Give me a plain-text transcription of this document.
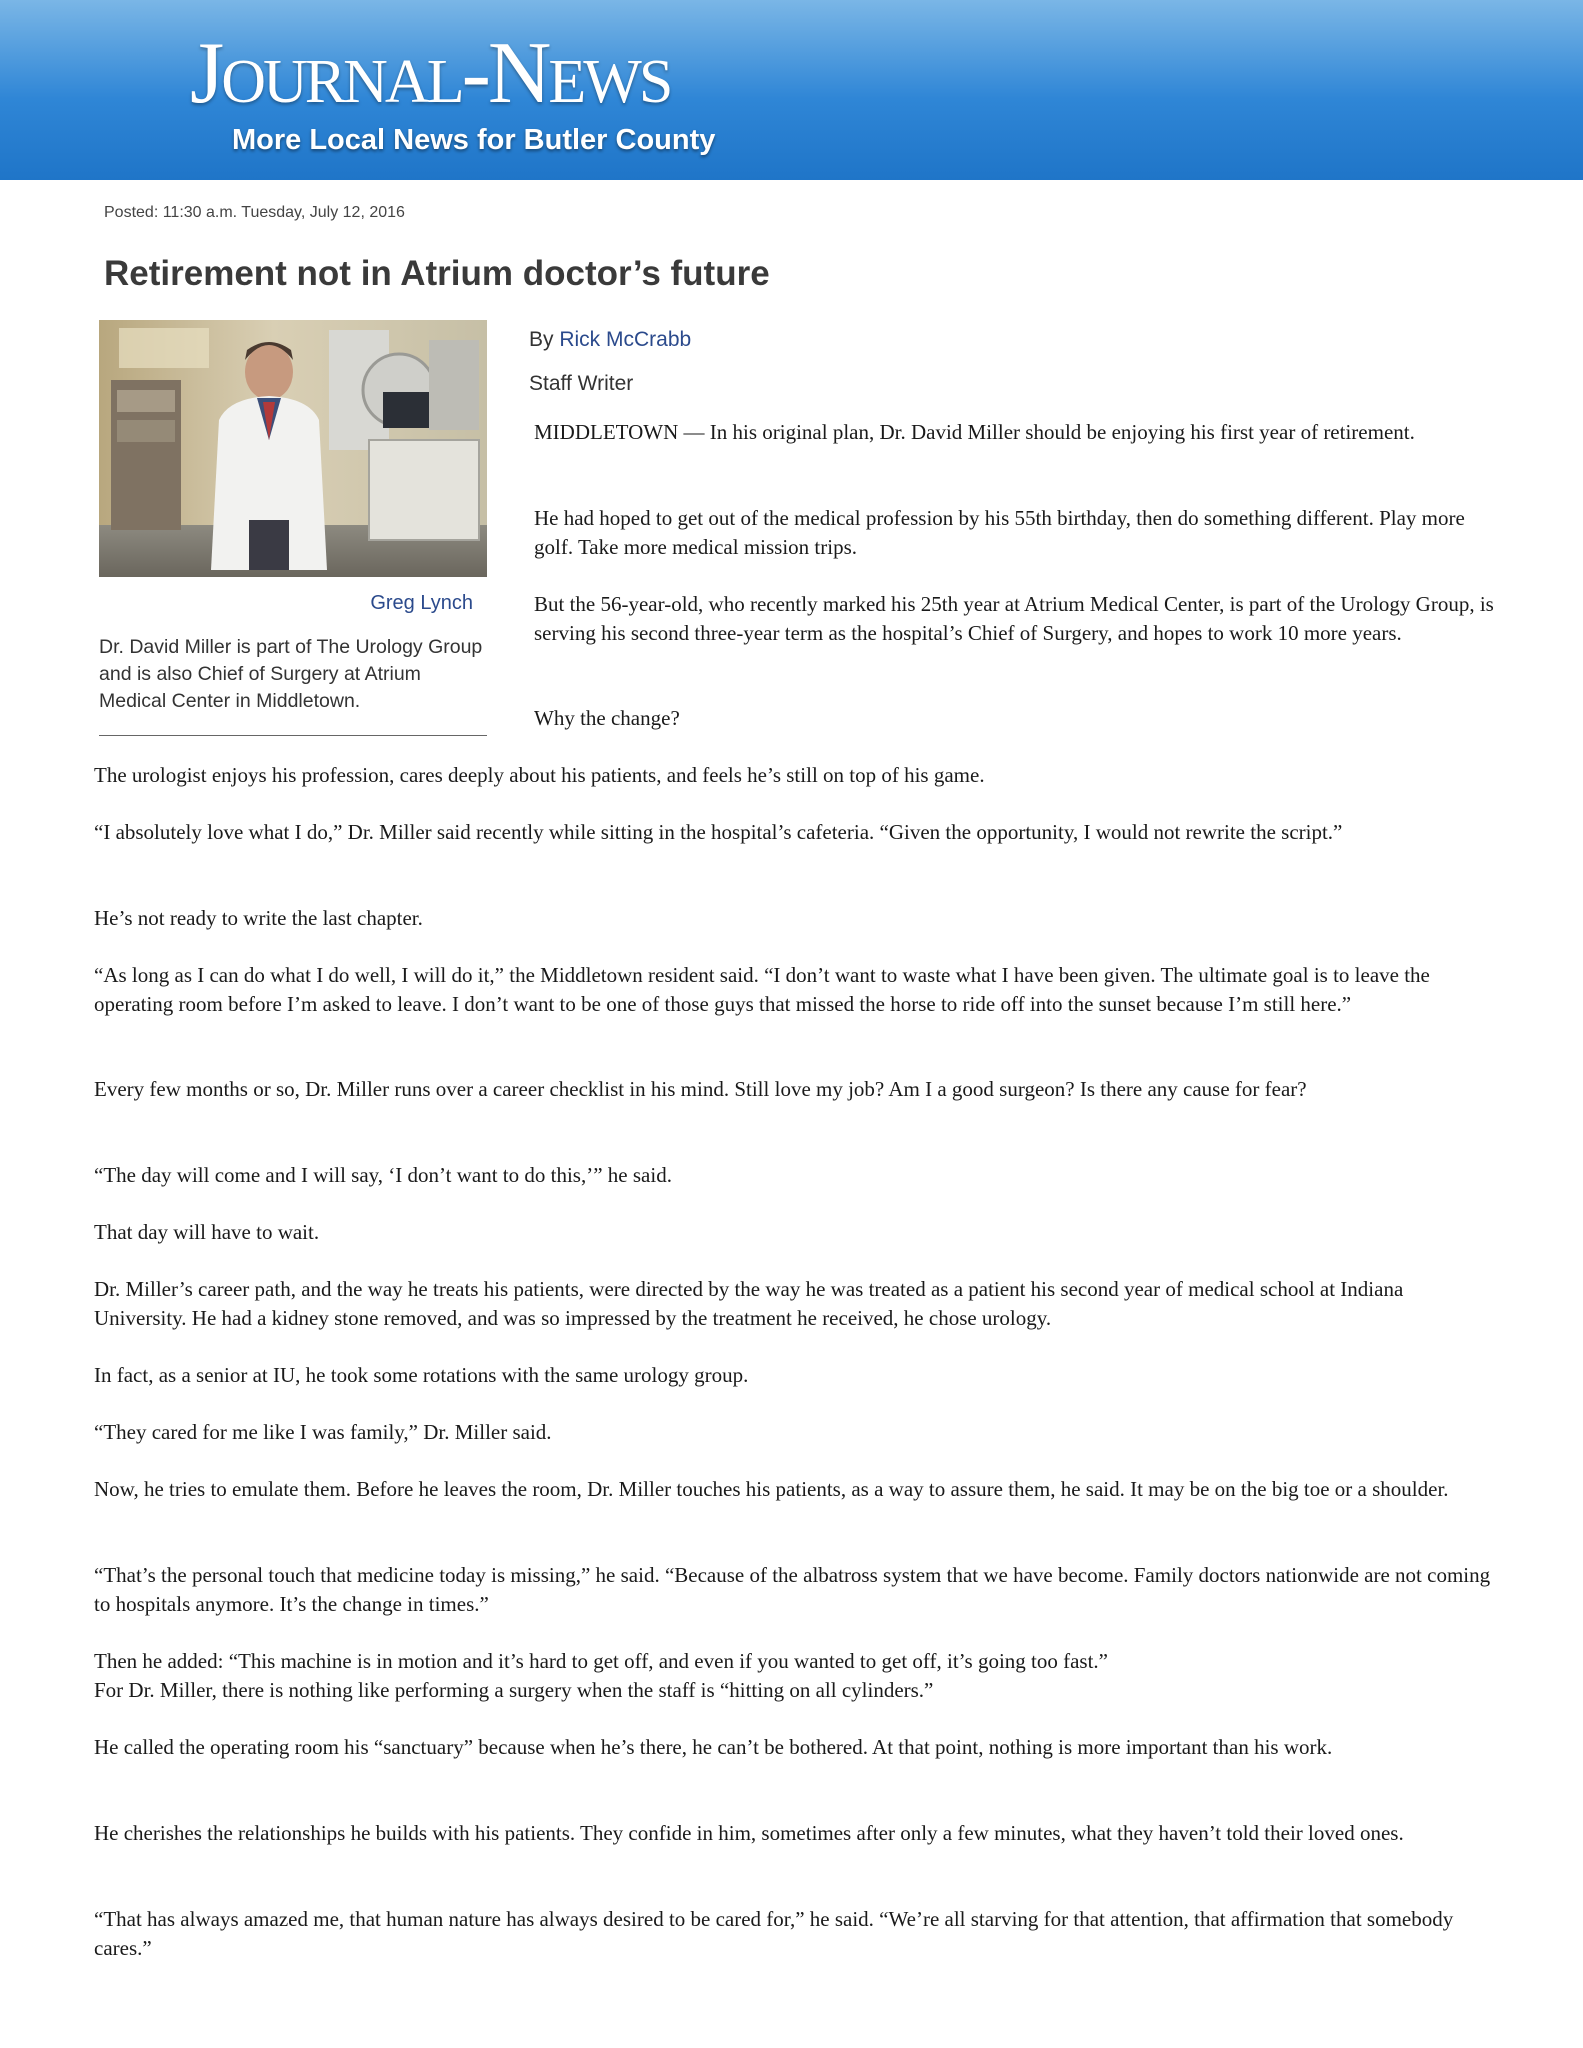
Journal-News
More Local News for Butler County
Posted: 11:30 a.m. Tuesday, July 12, 2016
Retirement not in Atrium doctor’s future
Greg Lynch
Dr. David Miller is part of The Urology Group and is also Chief of Surgery at Atrium Medical Center in Middletown.
By Rick McCrabb
Staff Writer

MIDDLETOWN — In his original plan, Dr. David Miller should be enjoying his first year of retirement.

He had hoped to get out of the medical profession by his 55th birthday, then do something different. Play more golf. Take more medical mission trips.

But the 56-year-old, who recently marked his 25th year at Atrium Medical Center, is part of the Urology Group, is serving his second three-year term as the hospital’s Chief of Surgery, and hopes to work 10 more years.

Why the change?

The urologist enjoys his profession, cares deeply about his patients, and feels he’s still on top of his game.

“I absolutely love what I do,” Dr. Miller said recently while sitting in the hospital’s cafeteria. “Given the opportunity, I would not rewrite the script.”

He’s not ready to write the last chapter.

“As long as I can do what I do well, I will do it,” the Middletown resident said. “I don’t want to waste what I have been given. The ultimate goal is to leave the operating room before I’m asked to leave. I don’t want to be one of those guys that missed the horse to ride off into the sunset because I’m still here.”

Every few months or so, Dr. Miller runs over a career checklist in his mind. Still love my job? Am I a good surgeon? Is there any cause for fear?

“The day will come and I will say, ‘I don’t want to do this,’” he said.

That day will have to wait.

Dr. Miller’s career path, and the way he treats his patients, were directed by the way he was treated as a patient his second year of medical school at Indiana University. He had a kidney stone removed, and was so impressed by the treatment he received, he chose urology.

In fact, as a senior at IU, he took some rotations with the same urology group.

“They cared for me like I was family,” Dr. Miller said.

Now, he tries to emulate them. Before he leaves the room, Dr. Miller touches his patients, as a way to assure them, he said. It may be on the big toe or a shoulder.

“That’s the personal touch that medicine today is missing,” he said. “Because of the albatross system that we have become. Family doctors nationwide are not coming to hospitals anymore. It’s the change in times.”

Then he added: “This machine is in motion and it’s hard to get off, and even if you wanted to get off, it’s going too fast.”

For Dr. Miller, there is nothing like performing a surgery when the staff is “hitting on all cylinders.”

He called the operating room his “sanctuary” because when he’s there, he can’t be bothered. At that point, nothing is more important than his work.

He cherishes the relationships he builds with his patients. They confide in him, sometimes after only a few minutes, what they haven’t told their loved ones.

“That has always amazed me, that human nature has always desired to be cared for,” he said. “We’re all starving for that attention, that affirmation that somebody cares.”
